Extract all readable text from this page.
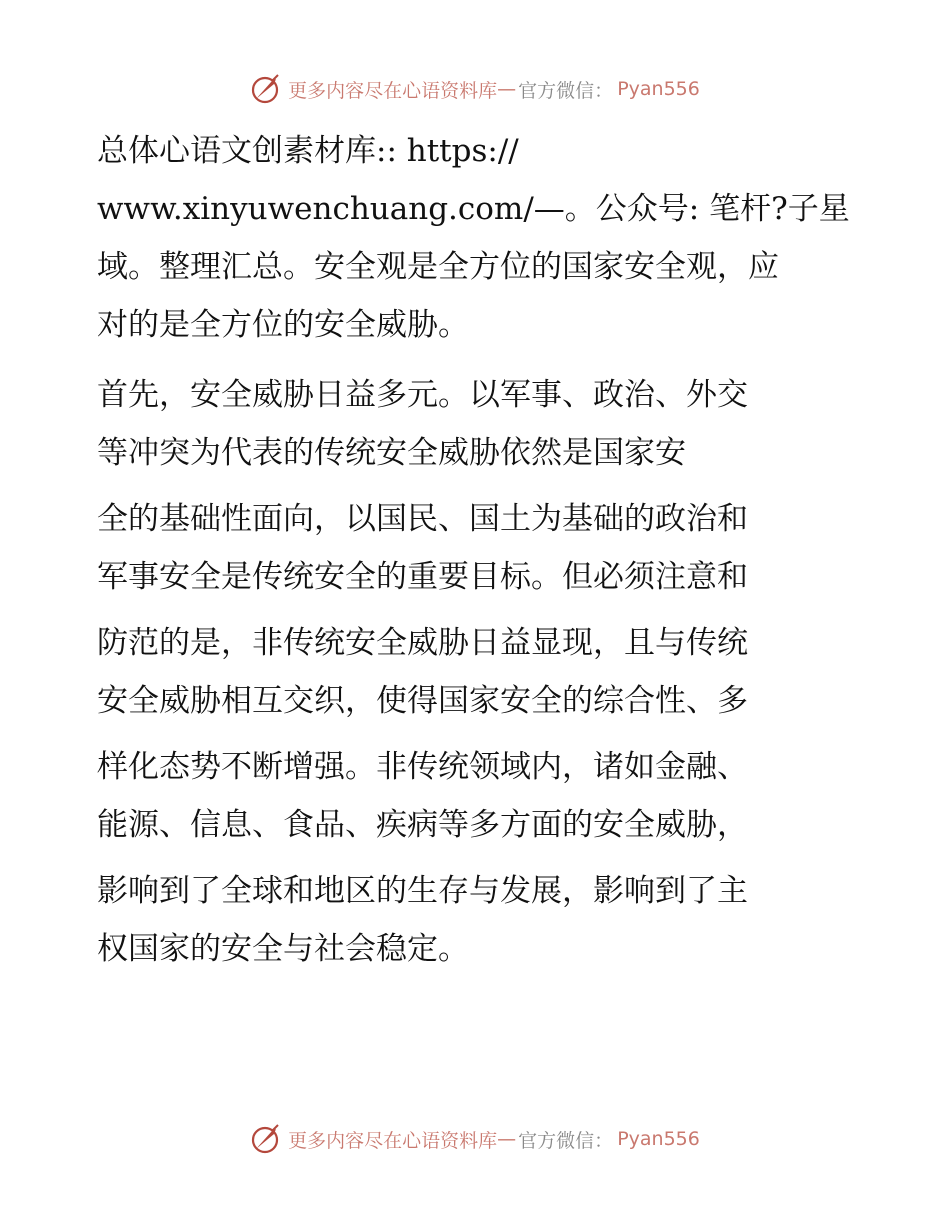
更多内容尽在心语资料库 — 官方微信： Pyan556
总体心语文创素材库:: https://
www.xinyuwenchuang.com/—。公众号: 笔杆?子星
域。整理汇总。安全观是全方位的国家安全观，应
对的是全方位的安全威胁。
首先，安全威胁日益多元。以军事、政治、外交
等冲突为代表的传统安全威胁依然是国家安
全的基础性面向，以国民、国土为基础的政治和
军事安全是传统安全的重要目标。但必须注意和
防范的是，非传统安全威胁日益显现，且与传统
安全威胁相互交织，使得国家安全的综合性、多
样化态势不断增强。非传统领域内，诸如金融、
能源、信息、食品、疾病等多方面的安全威胁，
影响到了全球和地区的生存与发展，影响到了主
权国家的安全与社会稳定。
更多内容尽在心语资料库 — 官方微信： Pyan556
